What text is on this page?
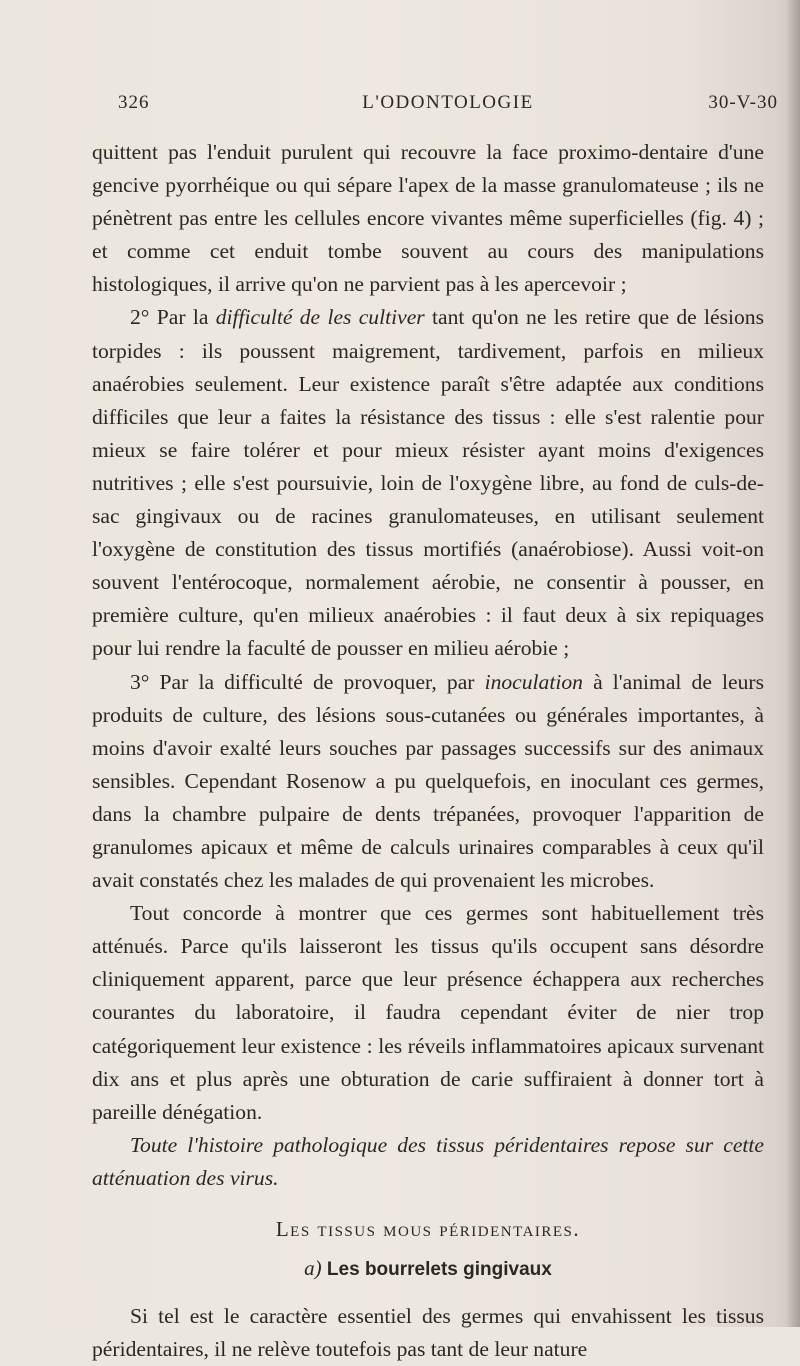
326	L'ODONTOLOGIE	30-V-30

quittent pas l'enduit purulent qui recouvre la face proximo-dentaire d'une gencive pyorrhéique ou qui sépare l'apex de la masse granulomateuse ; ils ne pénètrent pas entre les cellules encore vivantes même superficielles (fig. 4) ; et comme cet enduit tombe souvent au cours des manipulations histologiques, il arrive qu'on ne parvient pas à les apercevoir ;

2° Par la difficulté de les cultiver tant qu'on ne les retire que de lésions torpides : ils poussent maigrement, tardivement, parfois en milieux anaérobies seulement. Leur existence paraît s'être adaptée aux conditions difficiles que leur a faites la résistance des tissus : elle s'est ralentie pour mieux se faire tolérer et pour mieux résister ayant moins d'exigences nutritives ; elle s'est poursuivie, loin de l'oxygène libre, au fond de culs-de-sac gingivaux ou de racines granulomateuses, en utilisant seulement l'oxygène de constitution des tissus mortifiés (anaérobiose). Aussi voit-on souvent l'entérocoque, normalement aérobie, ne consentir à pousser, en première culture, qu'en milieux anaérobies : il faut deux à six repiquages pour lui rendre la faculté de pousser en milieu aérobie ;

3° Par la difficulté de provoquer, par inoculation à l'animal de leurs produits de culture, des lésions sous-cutanées ou générales importantes, à moins d'avoir exalté leurs souches par passages successifs sur des animaux sensibles. Cependant Rosenow a pu quelquefois, en inoculant ces germes, dans la chambre pulpaire de dents trépanées, provoquer l'apparition de granulomes apicaux et même de calculs urinaires comparables à ceux qu'il avait constatés chez les malades de qui provenaient les microbes.

Tout concorde à montrer que ces germes sont habituellement très atténués. Parce qu'ils laisseront les tissus qu'ils occupent sans désordre cliniquement apparent, parce que leur présence échappera aux recherches courantes du laboratoire, il faudra cependant éviter de nier trop catégoriquement leur existence : les réveils inflammatoires apicaux survenant dix ans et plus après une obturation de carie suffiraient à donner tort à pareille dénégation.

Toute l'histoire pathologique des tissus péridentaires repose sur cette atténuation des virus.

Les tissus mous péridentaires.
a) Les bourrelets gingivaux

Si tel est le caractère essentiel des germes qui envahissent les tissus péridentaires, il ne relève toutefois pas tant de leur nature
